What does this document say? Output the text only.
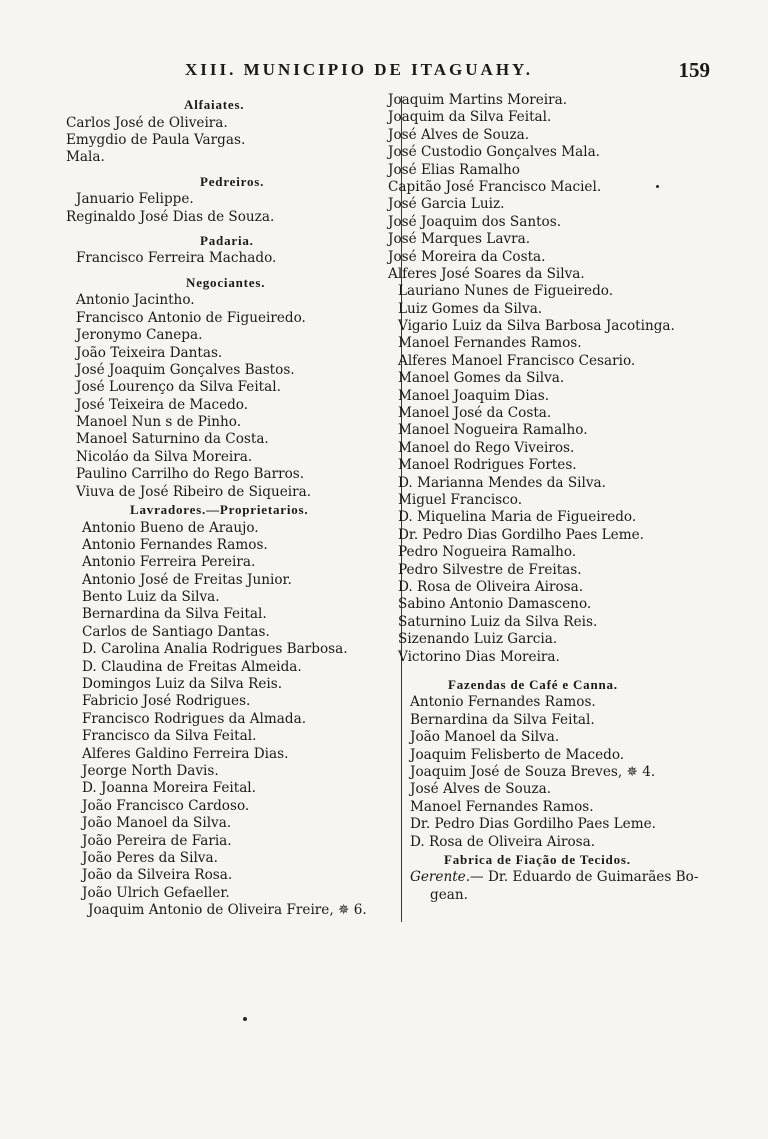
XIII. MUNICIPIO DE ITAGUAHY.	159
Alfaiates.
Carlos José de Oliveira.
Emygdio de Paula Vargas.
Mala.
Pedreiros.
Januario Felippe.
Reginaldo José Dias de Souza.
Padaria.
Francisco Ferreira Machado.
Negociantes.
Antonio Jacintho.
Francisco Antonio de Figueiredo.
Jeronymo Canepa.
João Teixeira Dantas.
José Joaquim Gonçalves Bastos.
José Lourenço da Silva Feital.
José Teixeira de Macedo.
Manoel Nun s de Pinho.
Manoel Saturnino da Costa.
Nicoláo da Silva Moreira.
Paulino Carrilho do Rego Barros.
Viuva de José Ribeiro de Siqueira.
Lavradores.—Proprietarios.
Antonio Bueno de Araujo.
Antonio Fernandes Ramos.
Antonio Ferreira Pereira.
Antonio José de Freitas Junior.
Bento Luiz da Silva.
Bernardina da Silva Feital.
Carlos de Santiago Dantas.
D. Carolina Analia Rodrigues Barbosa.
D. Claudina de Freitas Almeida.
Domingos Luiz da Silva Reis.
Fabricio José Rodrigues.
Francisco Rodrigues da Almada.
Francisco da Silva Feital.
Alferes Galdino Ferreira Dias.
Jeorge North Davis.
D. Joanna Moreira Feital.
João Francisco Cardoso.
João Manoel da Silva.
João Pereira de Faria.
João Peres da Silva.
João da Silveira Rosa.
João Ulrich Gefaeller.
Joaquim Antonio de Oliveira Freire, ✵ 6.
Joaquim Martins Moreira.
Joaquim da Silva Feital.
José Alves de Souza.
José Custodio Gonçalves Mala.
José Elias Ramalho
Capitão José Francisco Maciel.
José Garcia Luiz.
José Joaquim dos Santos.
José Marques Lavra.
José Moreira da Costa.
Alferes José Soares da Silva.
Lauriano Nunes de Figueiredo.
Luiz Gomes da Silva.
Vigario Luiz da Silva Barbosa Jacotinga.
Manoel Fernandes Ramos.
Alferes Manoel Francisco Cesario.
Manoel Gomes da Silva.
Manoel Joaquim Dias.
Manoel José da Costa.
Manoel Nogueira Ramalho.
Manoel do Rego Viveiros.
Manoel Rodrigues Fortes.
D. Marianna Mendes da Silva.
Miguel Francisco.
D. Miquelina Maria de Figueiredo.
Dr. Pedro Dias Gordilho Paes Leme.
Pedro Nogueira Ramalho.
Pedro Silvestre de Freitas.
D. Rosa de Oliveira Airosa.
Sabino Antonio Damasceno.
Saturnino Luiz da Silva Reis.
Sizenando Luiz Garcia.
Victorino Dias Moreira.
Fazendas de Café e Canna.
Antonio Fernandes Ramos.
Bernardina da Silva Feital.
João Manoel da Silva.
Joaquim Felisberto de Macedo.
Joaquim José de Souza Breves, ✵ 4.
José Alves de Souza.
Manoel Fernandes Ramos.
Dr. Pedro Dias Gordilho Paes Leme.
D. Rosa de Oliveira Airosa.
Fabrica de Fiação de Tecidos.
Gerente.— Dr. Eduardo de Guimarães Bo-
gean.
